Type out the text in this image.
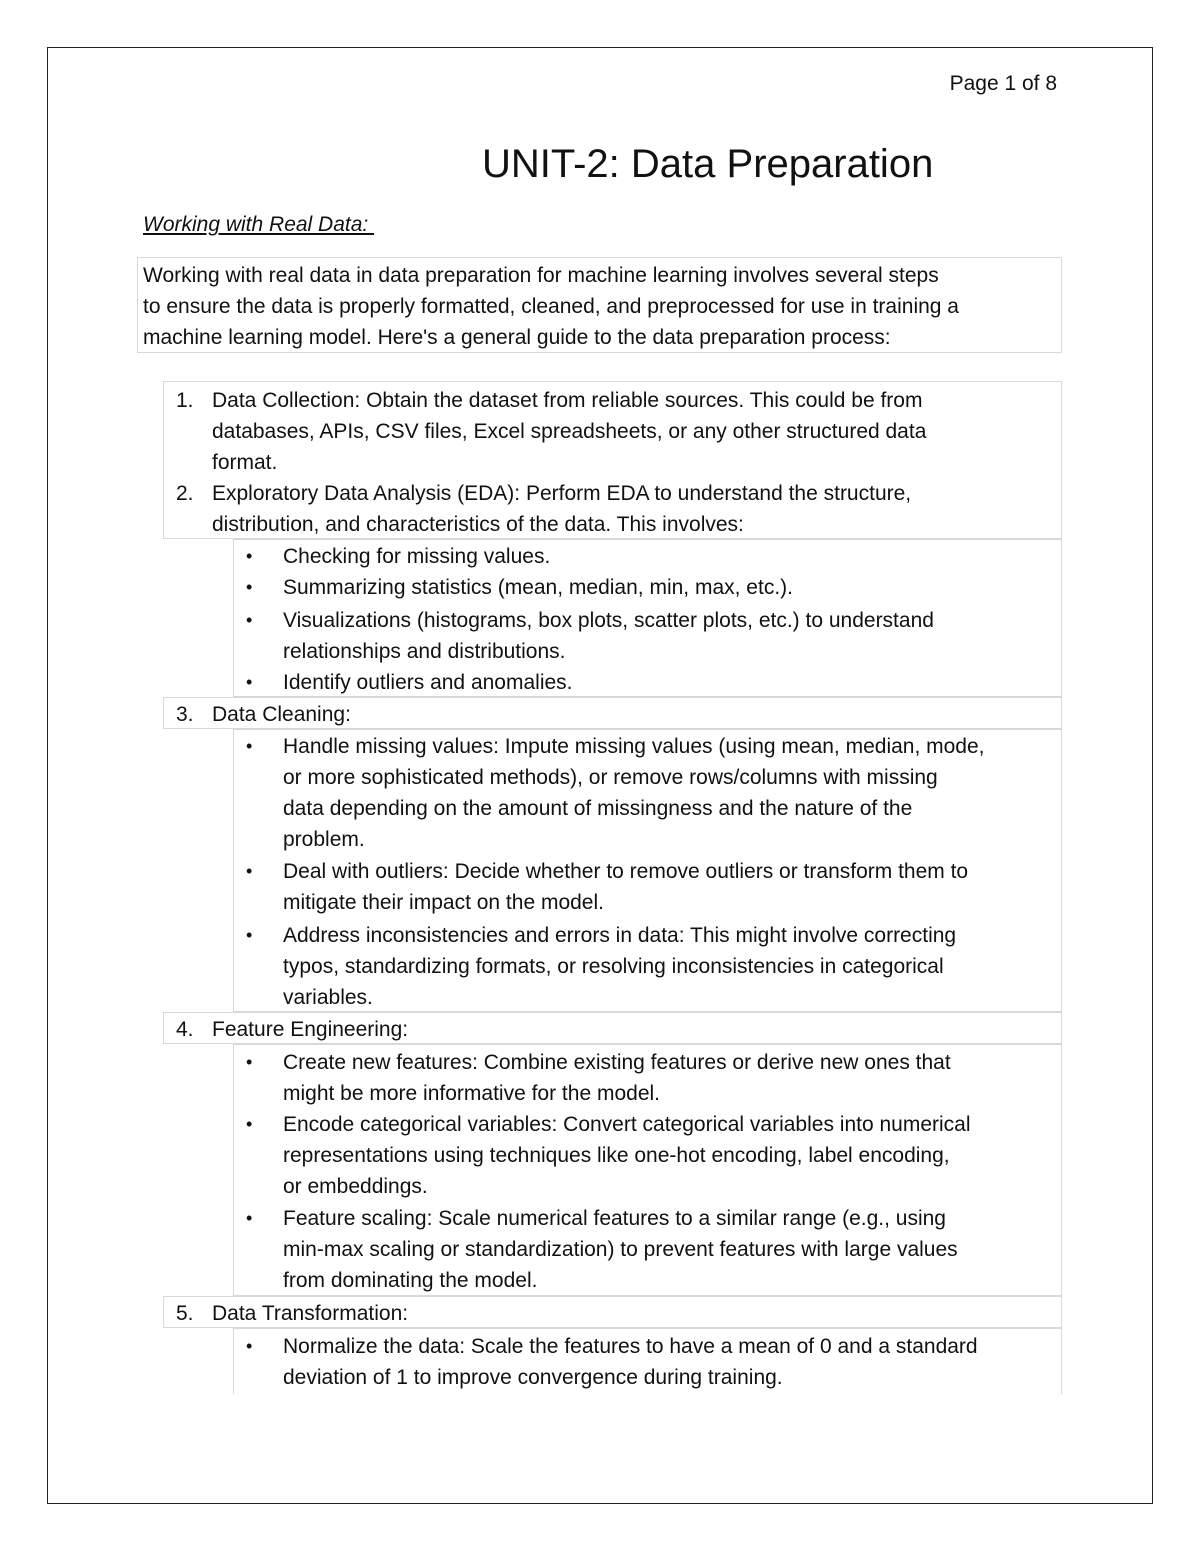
Page 1 of 8
UNIT-2: Data Preparation
Working with Real Data:
Working with real data in data preparation for machine learning involves several steps
to ensure the data is properly formatted, cleaned, and preprocessed for use in training a
machine learning model. Here's a general guide to the data preparation process:
1. Data Collection: Obtain the dataset from reliable sources. This could be from
databases, APIs, CSV files, Excel spreadsheets, or any other structured data
format.
2. Exploratory Data Analysis (EDA): Perform EDA to understand the structure,
distribution, and characteristics of the data. This involves:
• Checking for missing values.
• Summarizing statistics (mean, median, min, max, etc.).
• Visualizations (histograms, box plots, scatter plots, etc.) to understand
relationships and distributions.
• Identify outliers and anomalies.
3. Data Cleaning:
• Handle missing values: Impute missing values (using mean, median, mode,
or more sophisticated methods), or remove rows/columns with missing
data depending on the amount of missingness and the nature of the
problem.
• Deal with outliers: Decide whether to remove outliers or transform them to
mitigate their impact on the model.
• Address inconsistencies and errors in data: This might involve correcting
typos, standardizing formats, or resolving inconsistencies in categorical
variables.
4. Feature Engineering:
• Create new features: Combine existing features or derive new ones that
might be more informative for the model.
• Encode categorical variables: Convert categorical variables into numerical
representations using techniques like one-hot encoding, label encoding,
or embeddings.
• Feature scaling: Scale numerical features to a similar range (e.g., using
min-max scaling or standardization) to prevent features with large values
from dominating the model.
5. Data Transformation:
• Normalize the data: Scale the features to have a mean of 0 and a standard
deviation of 1 to improve convergence during training.
